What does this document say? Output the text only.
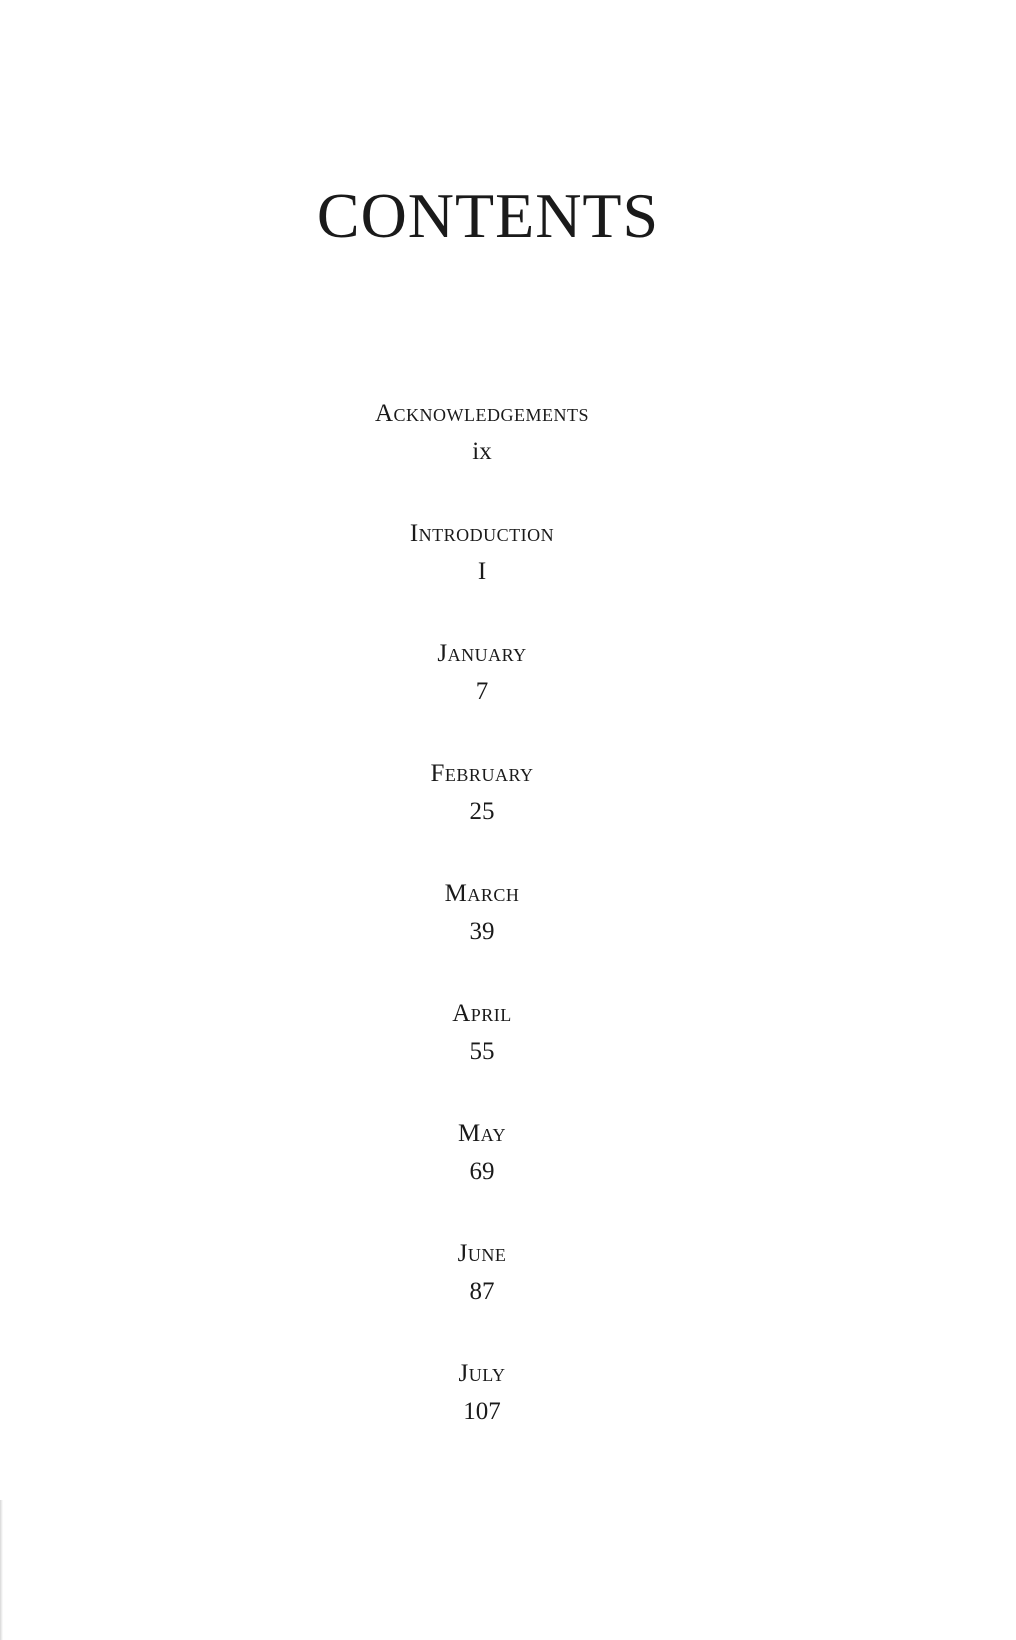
CONTENTS
Acknowledgements
ix
Introduction
I
January
7
February
25
March
39
April
55
May
69
June
87
July
107
